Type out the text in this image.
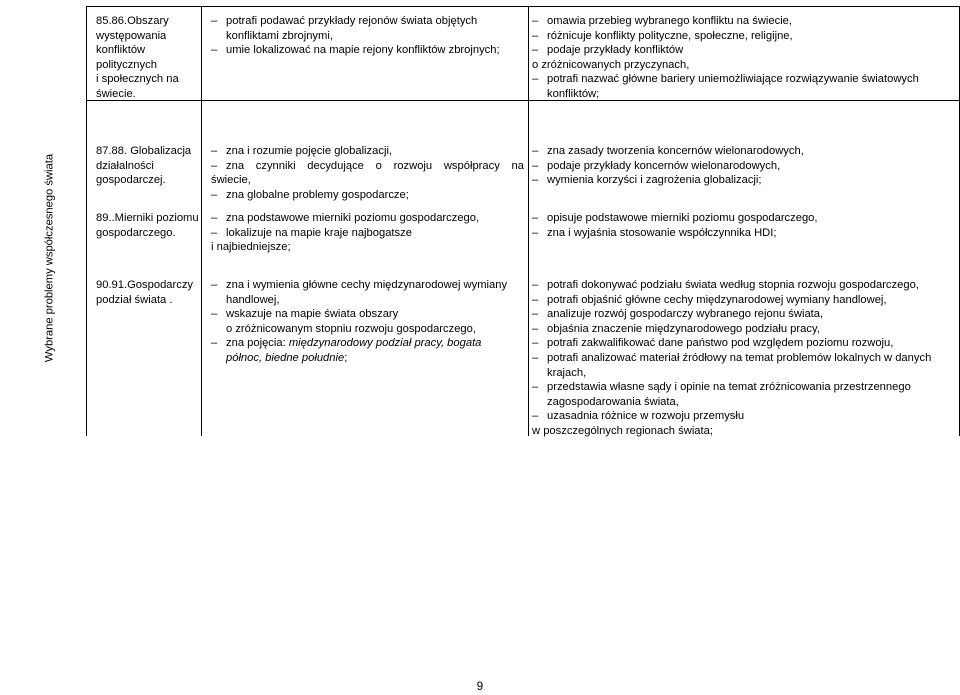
Wybrane problemy współczesnego świata
85.86.Obszary
występowania
konfliktów
politycznych
i społecznych na
świecie.
– potrafi podawać przykłady rejonów świata objętych
konfliktami zbrojnymi,
– umie lokalizować na mapie rejony konfliktów zbrojnych;
– omawia przebieg wybranego konfliktu na świecie,
– różnicuje konflikty polityczne, społeczne, religijne,
– podaje przykłady konfliktów
o zróżnicowanych przyczynach,
– potrafi nazwać główne bariery uniemożliwiające rozwiązywanie światowych
konfliktów;
87.88. Globalizacja
działalności
gospodarczej.
– zna i rozumie pojęcie globalizacji,
– zna czynniki decydujące o rozwoju współpracy na
świecie,
– zna globalne problemy gospodarcze;
– zna zasady tworzenia koncernów wielonarodowych,
– podaje przykłady koncernów wielonarodowych,
– wymienia korzyści i zagrożenia globalizacji;
89..Mierniki poziomu
gospodarczego.
– zna podstawowe mierniki poziomu gospodarczego,
– lokalizuje na mapie kraje najbogatsze
i najbiedniejsze;
– opisuje podstawowe mierniki poziomu gospodarczego,
– zna i wyjaśnia stosowanie współczynnika HDI;
90.91.Gospodarczy
podział świata .
– zna i wymienia główne cechy międzynarodowej wymiany
handlowej,
– wskazuje na mapie świata obszary
o zróżnicowanym stopniu rozwoju gospodarczego,
– zna pojęcia: międzynarodowy podział pracy, bogata
północ, biedne południe;
– potrafi dokonywać podziału świata według stopnia rozwoju gospodarczego,
– potrafi objaśnić główne cechy międzynarodowej wymiany handlowej,
– analizuje rozwój gospodarczy wybranego rejonu świata,
– objaśnia znaczenie międzynarodowego podziału pracy,
– potrafi zakwalifikować dane państwo pod względem poziomu rozwoju,
– potrafi analizować materiał źródłowy na temat problemów lokalnych w danych
krajach,
– przedstawia własne sądy i opinie na temat zróżnicowania przestrzennego
zagospodarowania świata,
– uzasadnia różnice w rozwoju przemysłu
w poszczególnych regionach świata;
9
